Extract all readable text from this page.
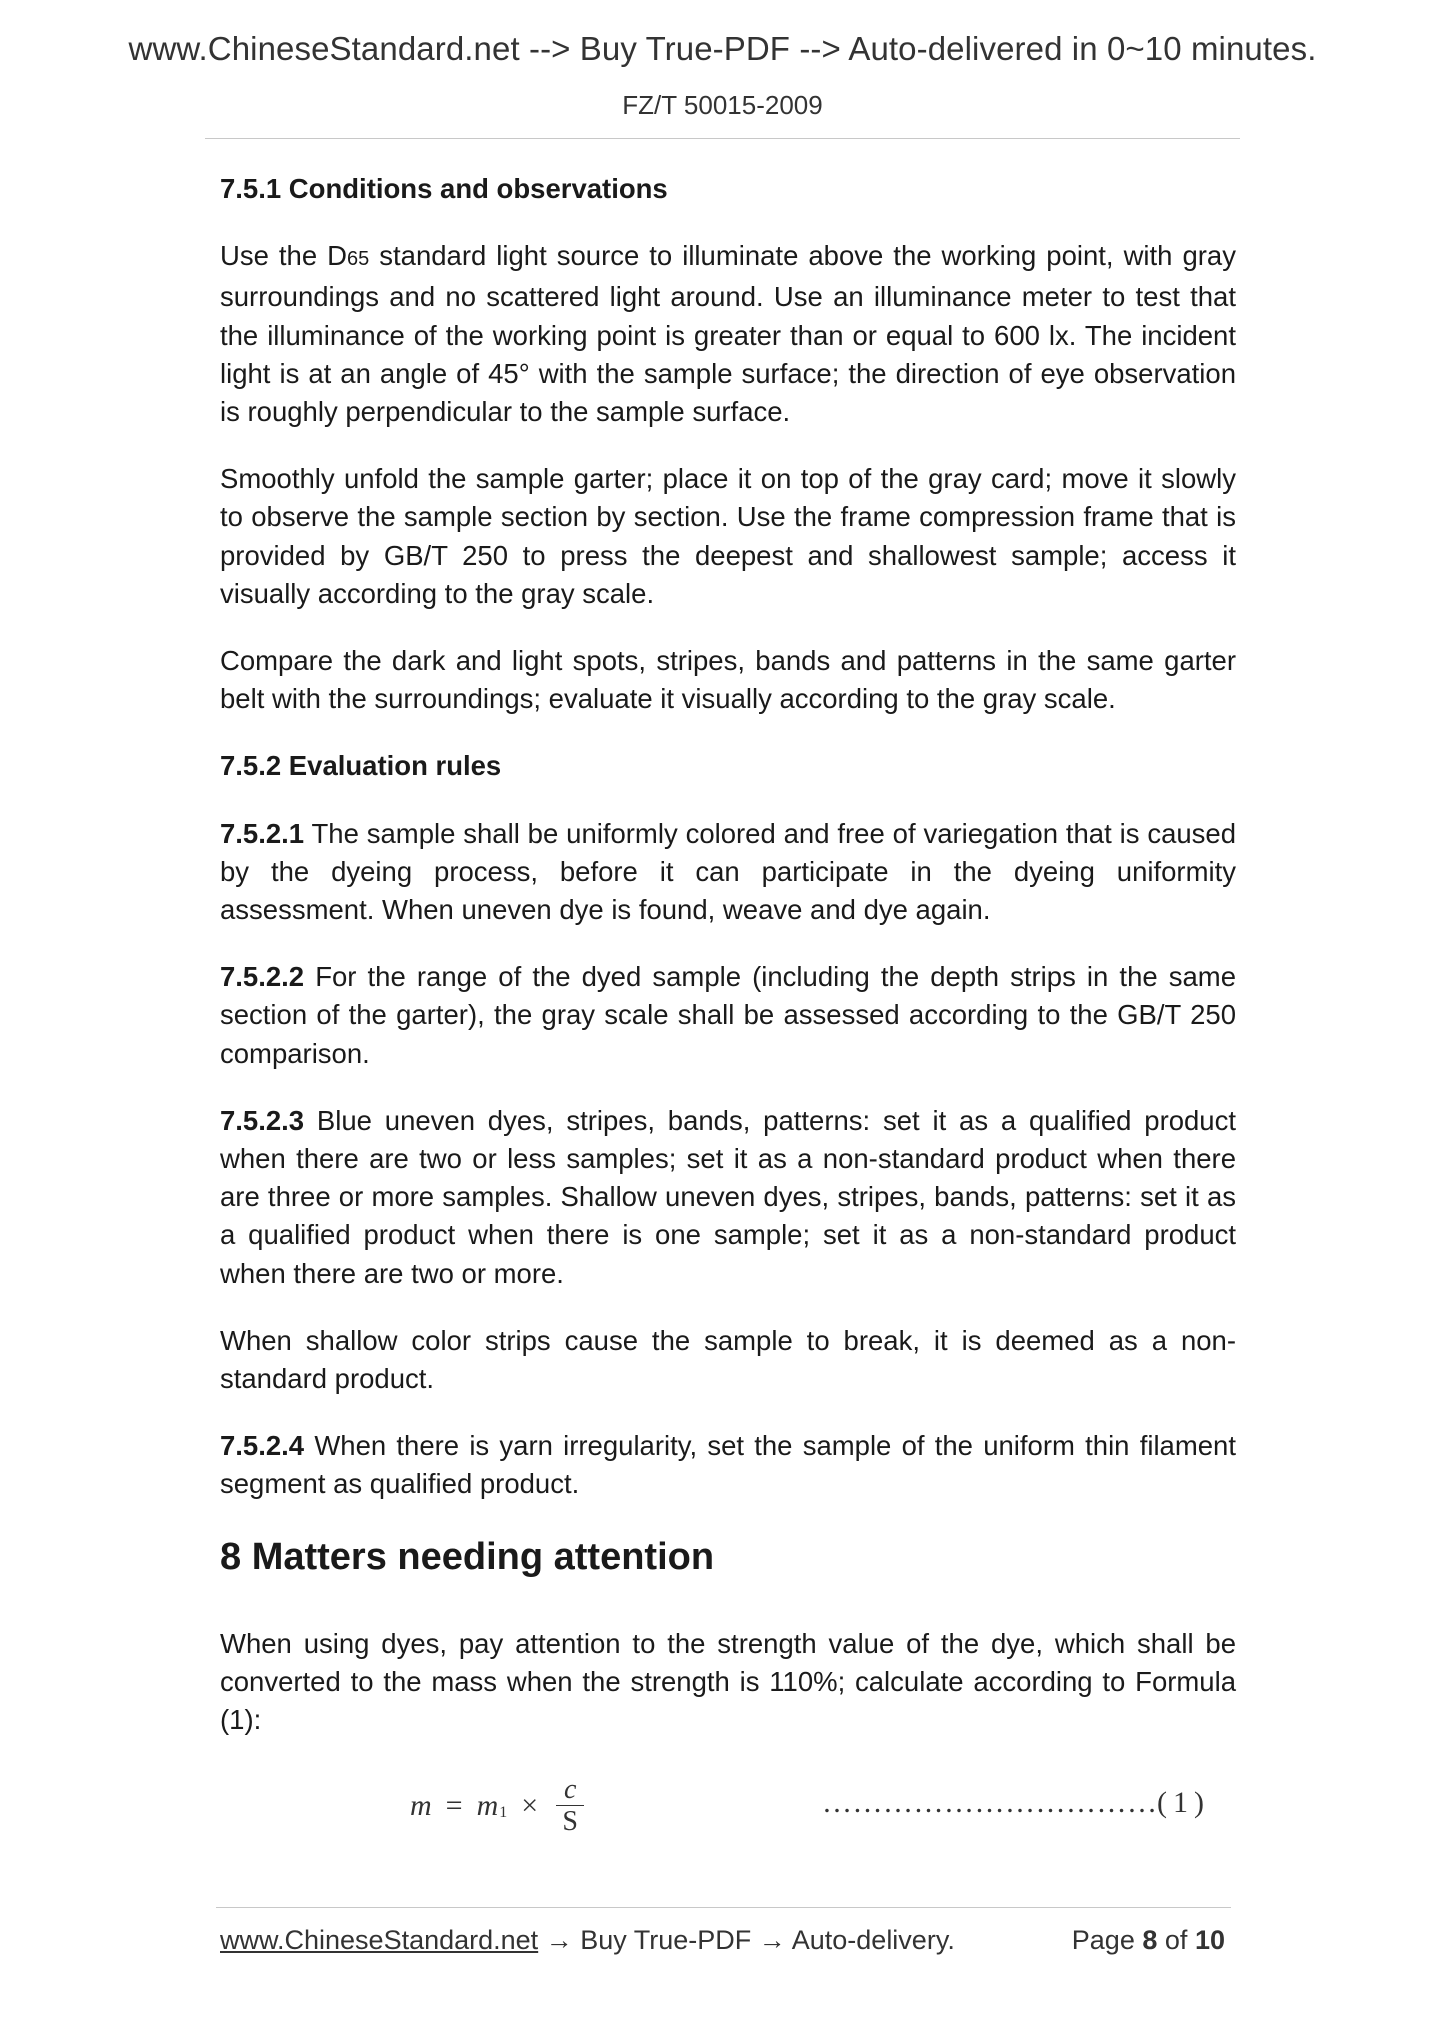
www.ChineseStandard.net --> Buy True-PDF --> Auto-delivered in 0~10 minutes.
FZ/T 50015-2009
7.5.1 Conditions and observations

Use the D65 standard light source to illuminate above the working point, with gray surroundings and no scattered light around. Use an illuminance meter to test that the illuminance of the working point is greater than or equal to 600 lx. The incident light is at an angle of 45° with the sample surface; the direction of eye observation is roughly perpendicular to the sample surface.

Smoothly unfold the sample garter; place it on top of the gray card; move it slowly to observe the sample section by section. Use the frame compression frame that is provided by GB/T 250 to press the deepest and shallowest sample; access it visually according to the gray scale.

Compare the dark and light spots, stripes, bands and patterns in the same garter belt with the surroundings; evaluate it visually according to the gray scale.

7.5.2 Evaluation rules

7.5.2.1 The sample shall be uniformly colored and free of variegation that is caused by the dyeing process, before it can participate in the dyeing uniformity assessment. When uneven dye is found, weave and dye again.

7.5.2.2 For the range of the dyed sample (including the depth strips in the same section of the garter), the gray scale shall be assessed according to the GB/T 250 comparison.

7.5.2.3 Blue uneven dyes, stripes, bands, patterns: set it as a qualified product when there are two or less samples; set it as a non-standard product when there are three or more samples. Shallow uneven dyes, stripes, bands, patterns: set it as a qualified product when there is one sample; set it as a non-standard product when there are two or more.

When shallow color strips cause the sample to break, it is deemed as a non-standard product.

7.5.2.4 When there is yarn irregularity, set the sample of the uniform thin filament segment as qualified product.

8 Matters needing attention

When using dyes, pay attention to the strength value of the dye, which shall be converted to the mass when the strength is 110%; calculate according to Formula (1):

m = m $1 \times \frac{c}{S}$	…………………………… (1)
www.ChineseStandard.net → Buy True-PDF → Auto-delivery.	Page 8 of 10
